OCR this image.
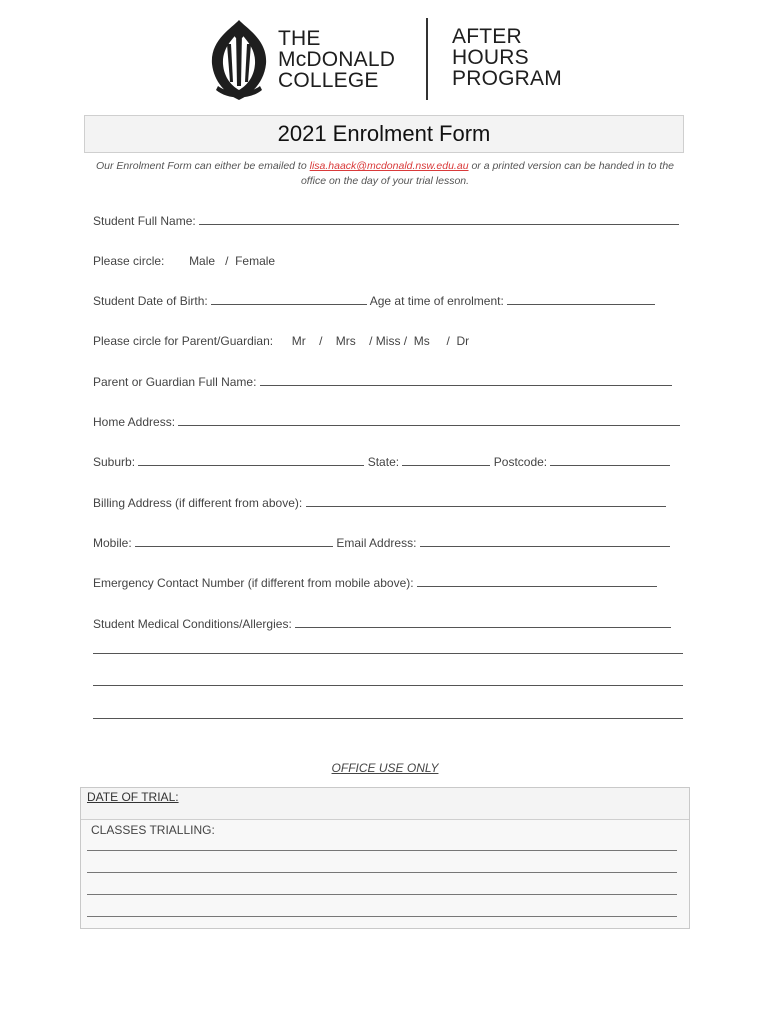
THE
McDONALD
COLLEGE
AFTER
HOURS
PROGRAM
2021 Enrolment Form
Our Enrolment Form can either be emailed to lisa.haack@mcdonald.nsw.edu.au or a printed version can be handed in to the office on the day of your trial lesson.
Student Full Name:
Please circle: Male   /  Female
Student Date of Birth:	Age at time of enrolment:
Please circle for Parent/Guardian: Mr    /    Mrs    / Miss /  Ms     /  Dr
Parent or Guardian Full Name:
Home Address:
Suburb:	State:	Postcode:
Billing Address (if different from above):
Mobile:	Email Address:
Emergency Contact Number (if different from mobile above):
Student Medical Conditions/Allergies:
OFFICE USE ONLY
DATE OF TRIAL:
CLASSES TRIALLING:
